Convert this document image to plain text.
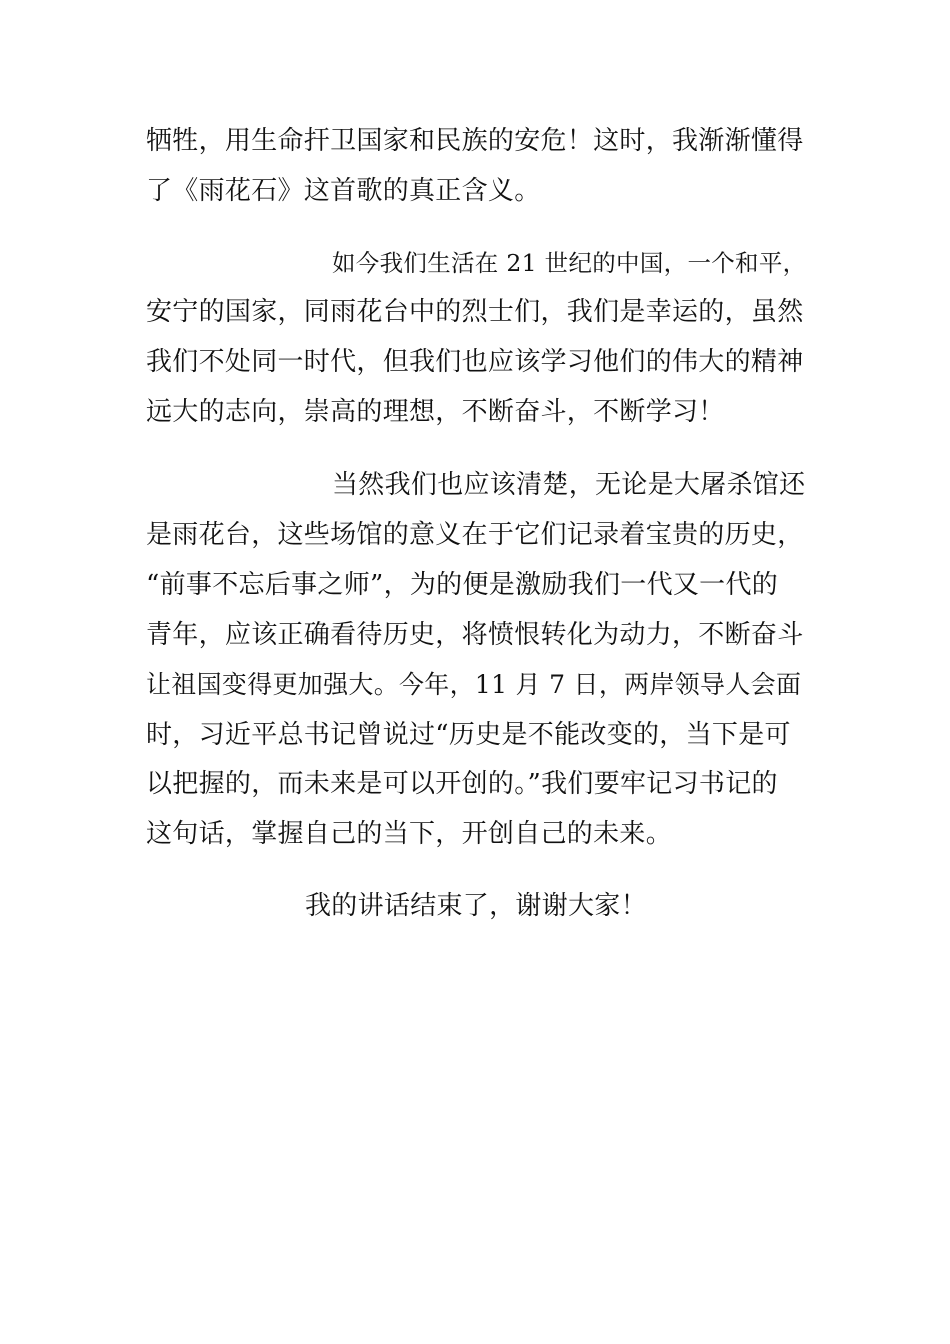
牺牲，用生命扞卫国家和民族的安危！这时，我渐渐懂得
了《雨花石》这首歌的真正含义。
如今我们生活在 21 世纪的中国，一个和平，
安宁的国家，同雨花台中的烈士们，我们是幸运的，虽然
我们不处同一时代，但我们也应该学习他们的伟大的精神
远大的志向，崇高的理想，不断奋斗，不断学习！
当然我们也应该清楚，无论是大屠杀馆还
是雨花台，这些场馆的意义在于它们记录着宝贵的历史，
“前事不忘后事之师”，为的便是激励我们一代又一代的
青年，应该正确看待历史，将愤恨转化为动力，不断奋斗
让祖国变得更加强大。今年，11 月 7 日，两岸领导人会面
时，习近平总书记曾说过“历史是不能改变的，当下是可
以把握的，而未来是可以开创的。”我们要牢记习书记的
这句话，掌握自己的当下，开创自己的未来。
我的讲话结束了，谢谢大家！
